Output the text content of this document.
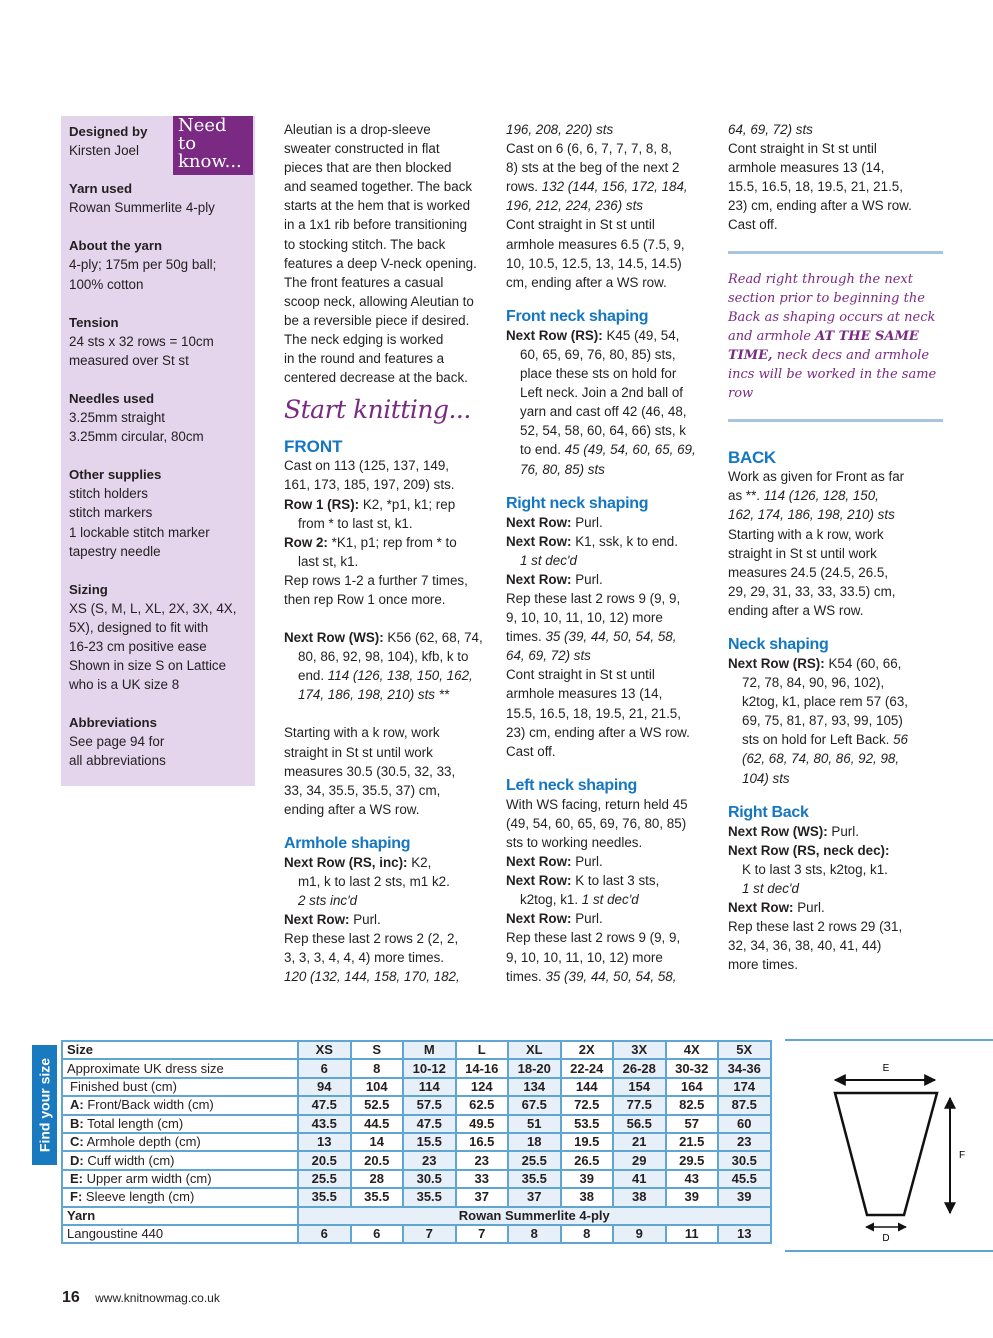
Need to
know...
Designed by
Kirsten Joel
Yarn used
Rowan Summerlite 4-ply
About the yarn
4-ply; 175m per 50g ball;
100% cotton
Tension
24 sts x 32 rows = 10cm
measured over St st
Needles used
3.25mm straight
3.25mm circular, 80cm
Other supplies
stitch holders
stitch markers
1 lockable stitch marker
tapestry needle
Sizing
XS (S, M, L, XL, 2X, 3X, 4X,
5X), designed to fit with
16-23 cm positive ease
Shown in size S on Lattice
who is a UK size 8
Abbreviations
See page 94 for
all abbreviations
Aleutian is a drop-sleeve
sweater constructed in flat
pieces that are then blocked
and seamed together. The back
starts at the hem that is worked
in a 1x1 rib before transitioning
to stocking stitch. The back
features a deep V-neck opening.
The front features a casual
scoop neck, allowing Aleutian to
be a reversible piece if desired.
The neck edging is worked
in the round and features a
centered decrease at the back.
Start knitting...
FRONT
Cast on 113 (125, 137, 149,
161, 173, 185, 197, 209) sts.
Row 1 (RS): K2, *p1, k1; rep
from * to last st, k1.
Row 2: *K1, p1; rep from * to
last st, k1.
Rep rows 1-2 a further 7 times,
then rep Row 1 once more.
Next Row (WS): K56 (62, 68, 74,
80, 86, 92, 98, 104), kfb, k to
end. 114 (126, 138, 150, 162,
174, 186, 198, 210) sts **
Starting with a k row, work
straight in St st until work
measures 30.5 (30.5, 32, 33,
33, 34, 35.5, 35.5, 37) cm,
ending after a WS row.
Armhole shaping
Next Row (RS, inc): K2,
m1, k to last 2 sts, m1 k2.
2 sts inc'd
Next Row: Purl.
Rep these last 2 rows 2 (2, 2,
3, 3, 3, 4, 4, 4) more times.
120 (132, 144, 158, 170, 182,
196, 208, 220) sts
Cast on 6 (6, 6, 7, 7, 7, 8, 8,
8) sts at the beg of the next 2
rows. 132 (144, 156, 172, 184,
196, 212, 224, 236) sts
Cont straight in St st until
armhole measures 6.5 (7.5, 9,
10, 10.5, 12.5, 13, 14.5, 14.5)
cm, ending after a WS row.
Front neck shaping
Next Row (RS): K45 (49, 54,
60, 65, 69, 76, 80, 85) sts,
place these sts on hold for
Left neck. Join a 2nd ball of
yarn and cast off 42 (46, 48,
52, 54, 58, 60, 64, 66) sts, k
to end. 45 (49, 54, 60, 65, 69,
76, 80, 85) sts
Right neck shaping
Next Row: Purl.
Next Row: K1, ssk, k to end.
1 st dec'd
Next Row: Purl.
Rep these last 2 rows 9 (9, 9,
9, 10, 10, 11, 10, 12) more
times. 35 (39, 44, 50, 54, 58,
64, 69, 72) sts
Cont straight in St st until
armhole measures 13 (14,
15.5, 16.5, 18, 19.5, 21, 21.5,
23) cm, ending after a WS row.
Cast off.
Left neck shaping
With WS facing, return held 45
(49, 54, 60, 65, 69, 76, 80, 85)
sts to working needles.
Next Row: Purl.
Next Row: K to last 3 sts,
k2tog, k1. 1 st dec'd
Next Row: Purl.
Rep these last 2 rows 9 (9, 9,
9, 10, 10, 11, 10, 12) more
times. 35 (39, 44, 50, 54, 58,
64, 69, 72) sts
Cont straight in St st until
armhole measures 13 (14,
15.5, 16.5, 18, 19.5, 21, 21.5,
23) cm, ending after a WS row.
Cast off.
Read right through the next section prior to beginning the Back as shaping occurs at neck and armhole AT THE SAME TIME, neck decs and armhole incs will be worked in the same row
BACK
Work as given for Front as far
as **. 114 (126, 128, 150,
162, 174, 186, 198, 210) sts
Starting with a k row, work
straight in St st until work
measures 24.5 (24.5, 26.5,
29, 29, 31, 33, 33, 33.5) cm,
ending after a WS row.
Neck shaping
Next Row (RS): K54 (60, 66,
72, 78, 84, 90, 96, 102),
k2tog, k1, place rem 57 (63,
69, 75, 81, 87, 93, 99, 105)
sts on hold for Left Back. 56
(62, 68, 74, 80, 86, 92, 98,
104) sts
Right Back
Next Row (WS): Purl.
Next Row (RS, neck dec):
K to last 3 sts, k2tog, k1.
1 st dec'd
Next Row: Purl.
Rep these last 2 rows 29 (31,
32, 34, 36, 38, 40, 41, 44)
more times.
Find your size
Size	XS	S	M	L	XL	2X	3X	4X	5X
Approximate UK dress size	6	8	10-12	14-16	18-20	22-24	26-28	30-32	34-36
Finished bust (cm)	94	104	114	124	134	144	154	164	174
A: Front/Back width (cm)	47.5	52.5	57.5	62.5	67.5	72.5	77.5	82.5	87.5
B: Total length (cm)	43.5	44.5	47.5	49.5	51	53.5	56.5	57	60
C: Armhole depth (cm)	13	14	15.5	16.5	18	19.5	21	21.5	23
D: Cuff width (cm)	20.5	20.5	23	23	25.5	26.5	29	29.5	30.5
E: Upper arm width (cm)	25.5	28	30.5	33	35.5	39	41	43	45.5
F: Sleeve length (cm)	35.5	35.5	35.5	37	37	38	38	39	39
Yarn	Rowan Summerlite 4-ply								
Langoustine 440	6	6	7	7	8	8	9	11	13
E
F
D
16 www.knitnowmag.co.uk
